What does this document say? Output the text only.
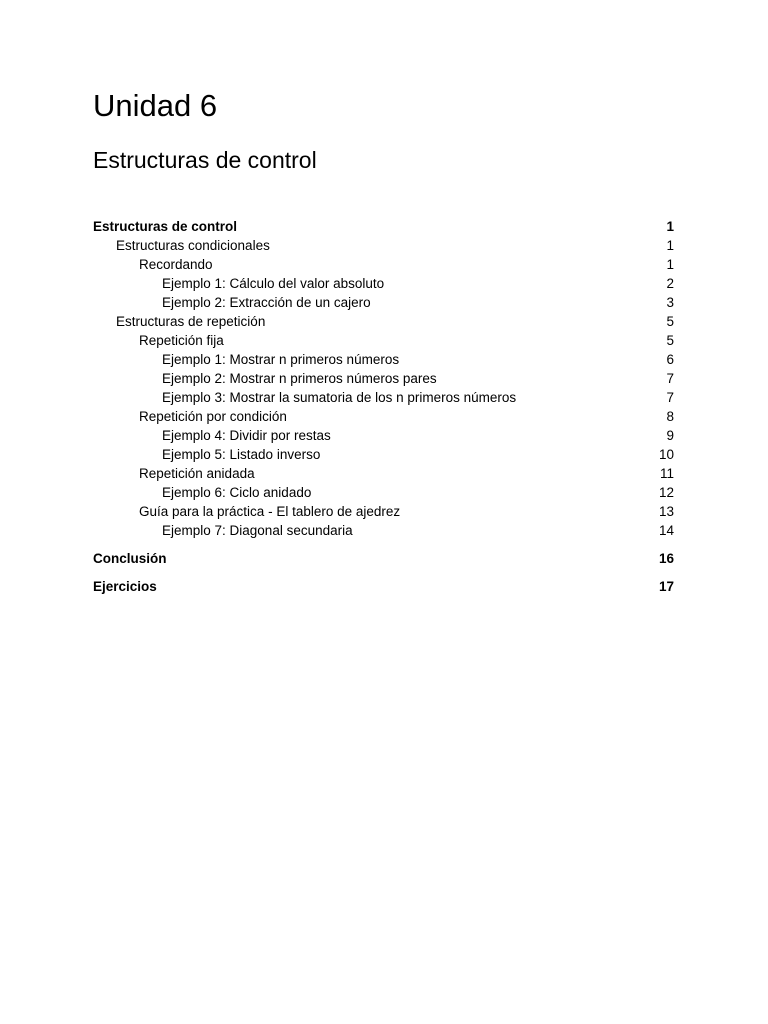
Unidad 6
Estructuras de control
Estructuras de control	1
Estructuras condicionales	1
Recordando	1
Ejemplo 1: Cálculo del valor absoluto	2
Ejemplo 2: Extracción de un cajero	3
Estructuras de repetición	5
Repetición fija	5
Ejemplo 1: Mostrar n primeros números	6
Ejemplo 2: Mostrar n primeros números pares	7
Ejemplo 3: Mostrar la sumatoria de los n primeros números	7
Repetición por condición	8
Ejemplo 4: Dividir por restas	9
Ejemplo 5: Listado inverso	10
Repetición anidada	11
Ejemplo 6: Ciclo anidado	12
Guía para la práctica - El tablero de ajedrez	13
Ejemplo 7: Diagonal secundaria	14
Conclusión	16
Ejercicios	17
